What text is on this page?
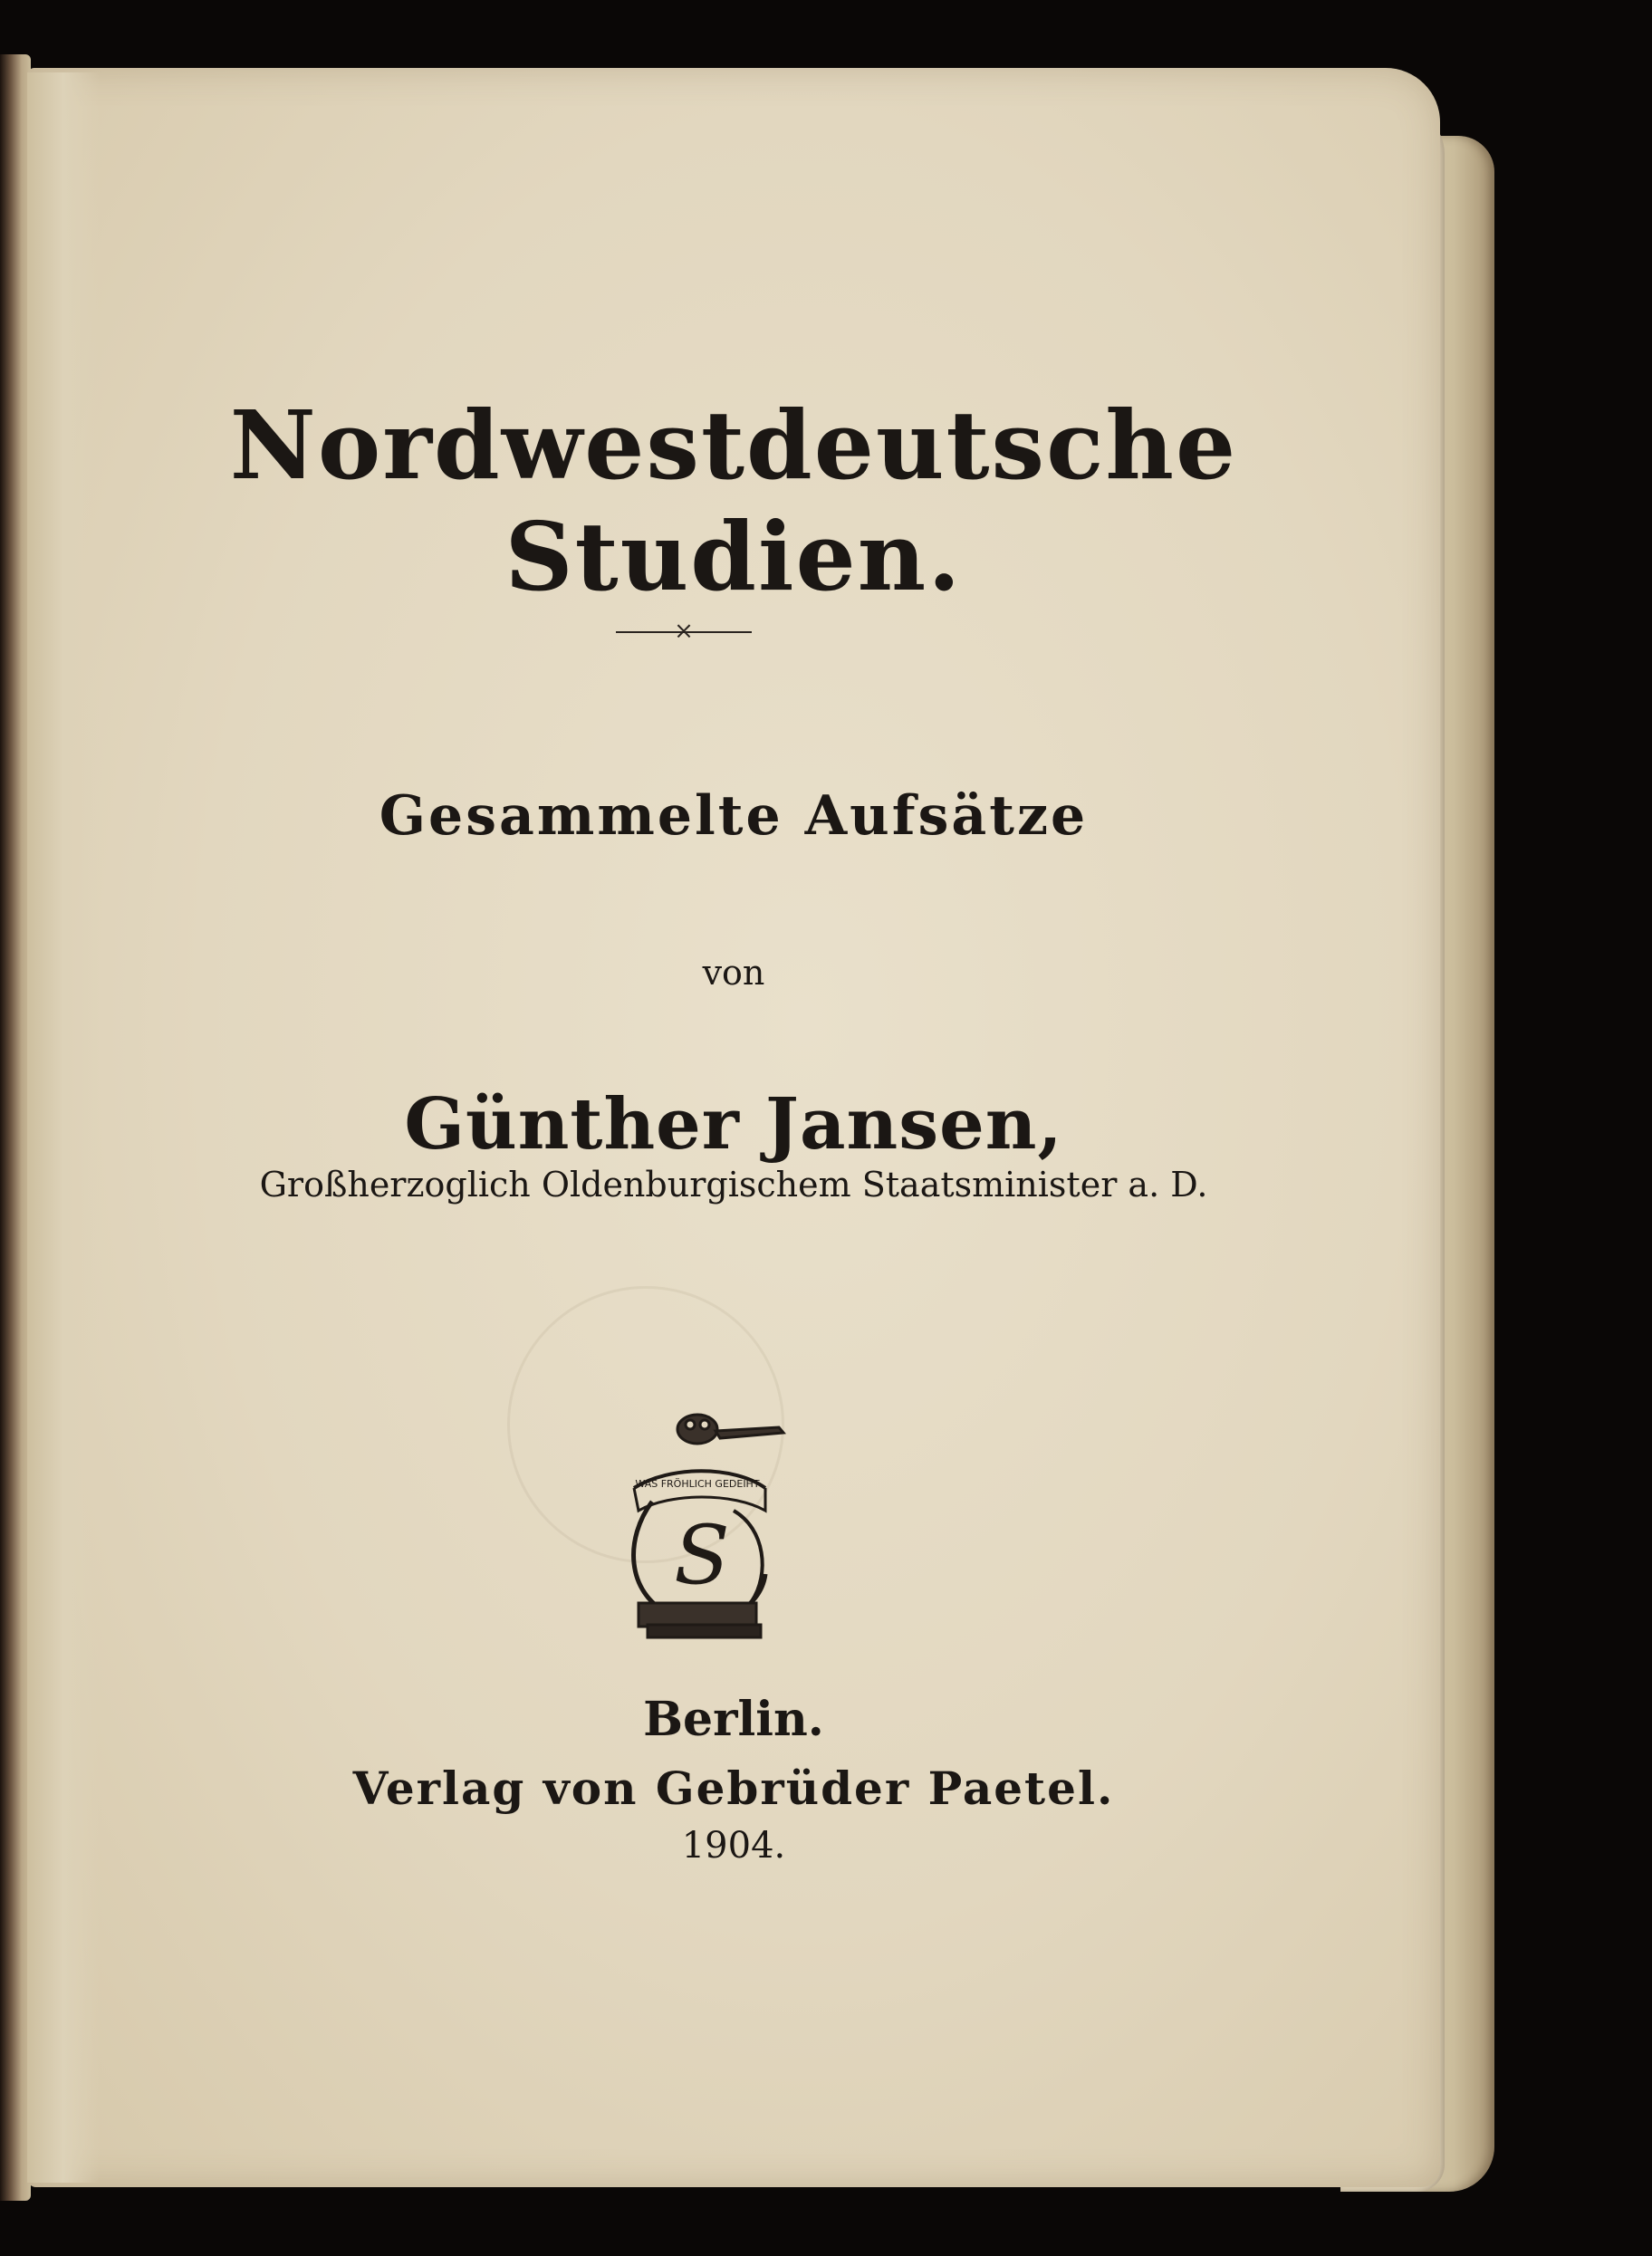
Nordwestdeutsche Studien.
×
Gesammelte Aufsätze
von
Günther Jansen,
Großherzoglich Oldenburgischem Staatsminister a. D.
S
WAS FRÖHLICH GEDEIHT
Berlin.
Verlag von Gebrüder Paetel.
1904.
